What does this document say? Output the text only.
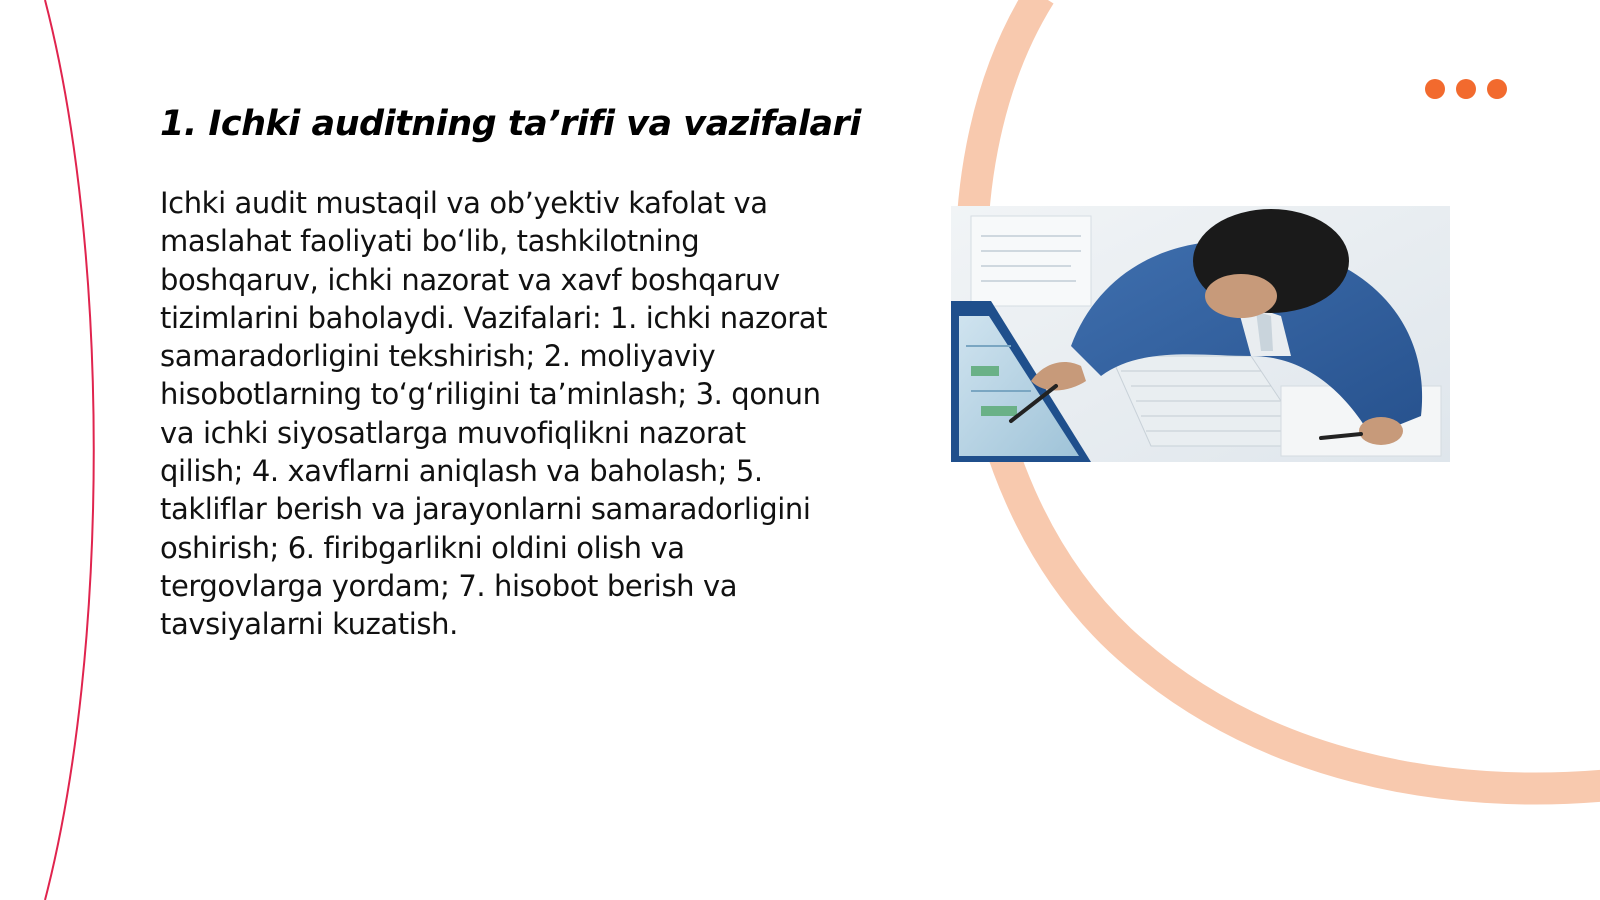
1. Ichki auditning ta’rifi va vazifalari

Ichki audit mustaqil va ob’yektiv kafolat va maslahat faoliyati bo‘lib, tashkilotning boshqaruv, ichki nazorat va xavf boshqaruv tizimlarini baholaydi. Vazifalari: 1. ichki nazorat samaradorligini tekshirish; 2. moliyaviy hisobotlarning to‘g‘riligini ta’minlash; 3. qonun va ichki siyosatlarga muvofiqlikni nazorat qilish; 4. xavflarni aniqlash va baholash; 5. takliflar berish va jarayonlarni samaradorligini oshirish; 6. firibgarlikni oldini olish va tergovlarga yordam; 7. hisobot berish va tavsiyalarni kuzatish.
